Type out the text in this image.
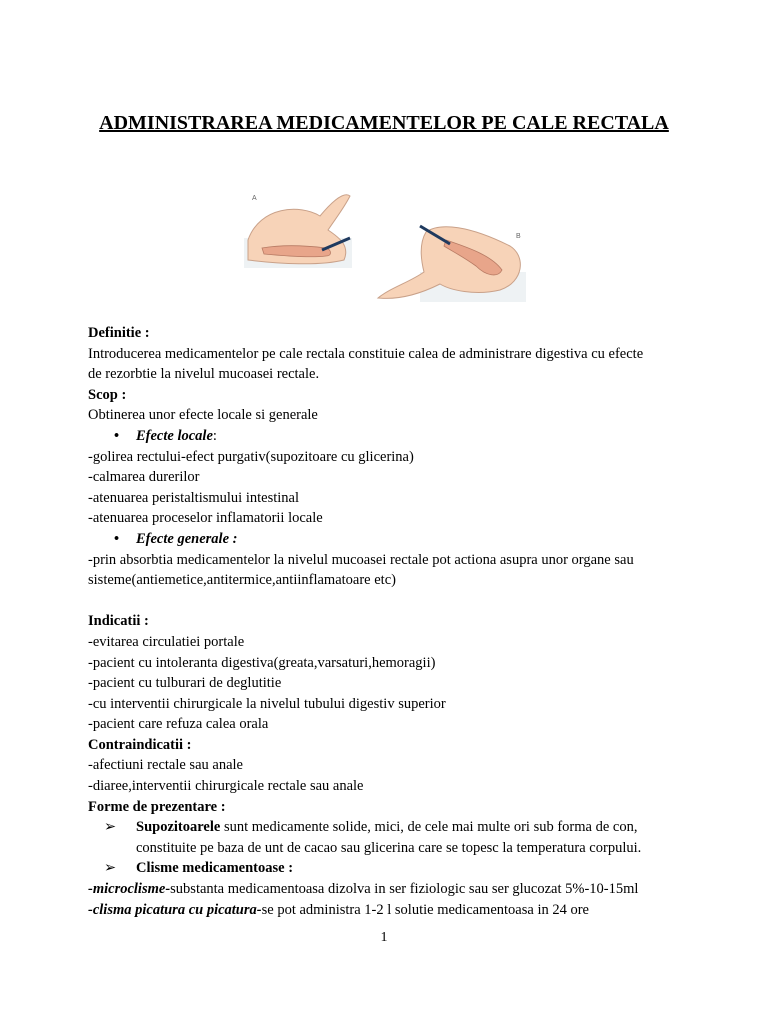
ADMINISTRAREA MEDICAMENTELOR PE CALE RECTALA
A
B
Definitie :
Introducerea medicamentelor pe cale rectala constituie calea de administrare digestiva cu efecte
de rezorbtie la nivelul mucoasei rectale.
Scop :
Obtinerea unor efecte locale si generale
• Efecte locale:
-golirea rectului-efect purgativ(supozitoare cu glicerina)
-calmarea durerilor
-atenuarea peristaltismului intestinal
-atenuarea proceselor inflamatorii locale
• Efecte generale :
-prin absorbtia medicamentelor la nivelul mucoasei rectale pot actiona asupra unor organe sau
sisteme(antiemetice,antitermice,antiinflamatoare etc)
Indicatii :
-evitarea circulatiei portale
-pacient cu intoleranta digestiva(greata,varsaturi,hemoragii)
-pacient cu tulburari de deglutitie
-cu interventii chirurgicale la nivelul tubului digestiv superior
-pacient care refuza calea orala
Contraindicatii :
-afectiuni rectale sau anale
-diaree,interventii chirurgicale rectale sau anale
Forme de prezentare :
➢ Supozitoarele sunt medicamente solide, mici, de cele mai multe ori sub forma de con,
constituite pe baza de unt de cacao sau glicerina care se topesc la temperatura corpului.
➢ Clisme medicamentoase :
-microclisme-substanta medicamentoasa dizolva in ser fiziologic sau ser glucozat 5%-10-15ml
-clisma picatura cu picatura-se pot administra 1-2 l solutie medicamentoasa in 24 ore
1
